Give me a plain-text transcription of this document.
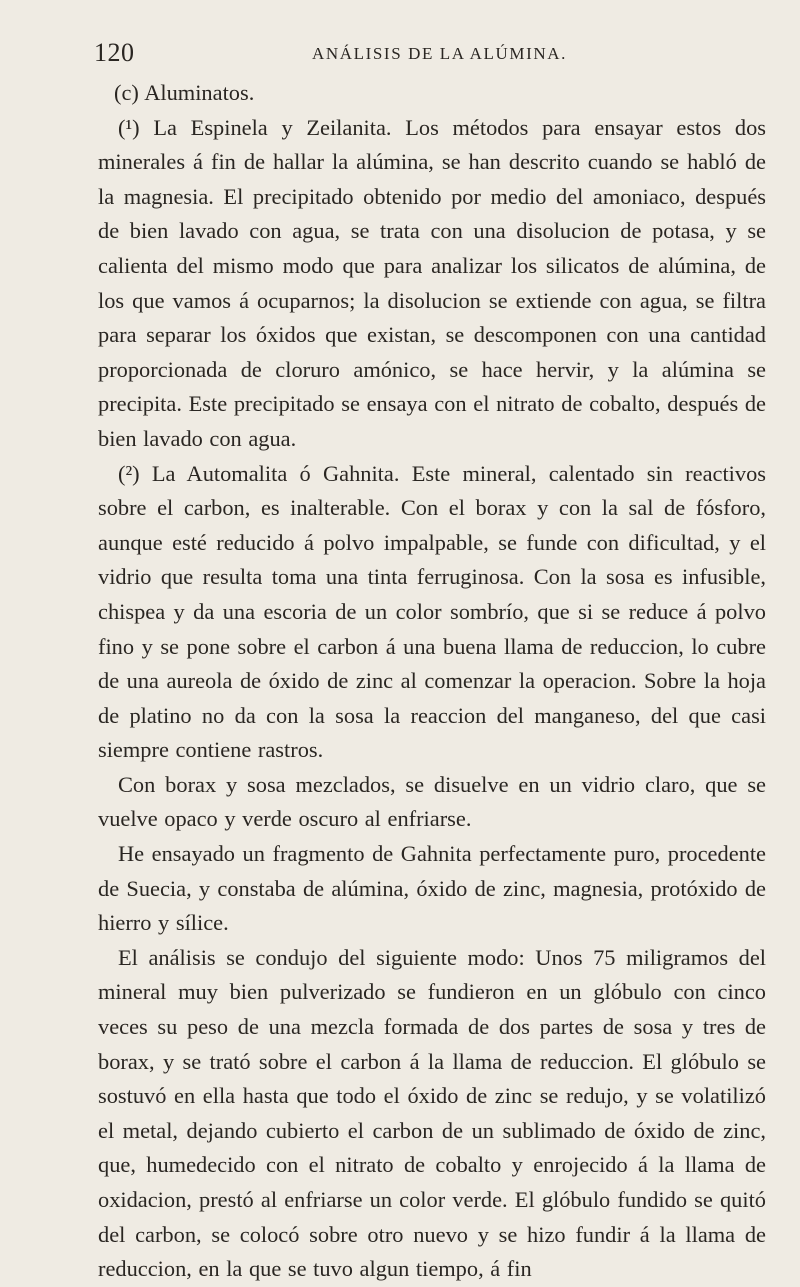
120	ANÁLISIS DE LA ALÚMINA.

(c) Aluminatos.

(¹) La Espinela y Zeilanita. Los métodos para ensayar estos dos minerales á fin de hallar la alúmina, se han descrito cuando se habló de la magnesia. El precipitado obtenido por medio del amoniaco, después de bien lavado con agua, se trata con una disolucion de potasa, y se calienta del mismo modo que para analizar los silicatos de alúmina, de los que vamos á ocuparnos; la disolucion se extiende con agua, se filtra para separar los óxidos que existan, se descomponen con una cantidad proporcionada de cloruro amónico, se hace hervir, y la alúmina se precipita. Este precipitado se ensaya con el nitrato de cobalto, después de bien lavado con agua.

(²) La Automalita ó Gahnita. Este mineral, calentado sin reactivos sobre el carbon, es inalterable. Con el borax y con la sal de fósforo, aunque esté reducido á polvo impalpable, se funde con dificultad, y el vidrio que resulta toma una tinta ferruginosa. Con la sosa es infusible, chispea y da una escoria de un color sombrío, que si se reduce á polvo fino y se pone sobre el carbon á una buena llama de reduccion, lo cubre de una aureola de óxido de zinc al comenzar la operacion. Sobre la hoja de platino no da con la sosa la reaccion del manganeso, del que casi siempre contiene rastros.

Con borax y sosa mezclados, se disuelve en un vidrio claro, que se vuelve opaco y verde oscuro al enfriarse.

He ensayado un fragmento de Gahnita perfectamente puro, procedente de Suecia, y constaba de alúmina, óxido de zinc, magnesia, protóxido de hierro y sílice.

El análisis se condujo del siguiente modo: Unos 75 miligramos del mineral muy bien pulverizado se fundieron en un glóbulo con cinco veces su peso de una mezcla formada de dos partes de sosa y tres de borax, y se trató sobre el carbon á la llama de reduccion. El glóbulo se sostuvó en ella hasta que todo el óxido de zinc se redujo, y se volatilizó el metal, dejando cubierto el carbon de un sublimado de óxido de zinc, que, humedecido con el nitrato de cobalto y enrojecido á la llama de oxidacion, prestó al enfriarse un color verde. El glóbulo fundido se quitó del carbon, se colocó sobre otro nuevo y se hizo fundir á la llama de reduccion, en la que se tuvo algun tiempo, á fin
